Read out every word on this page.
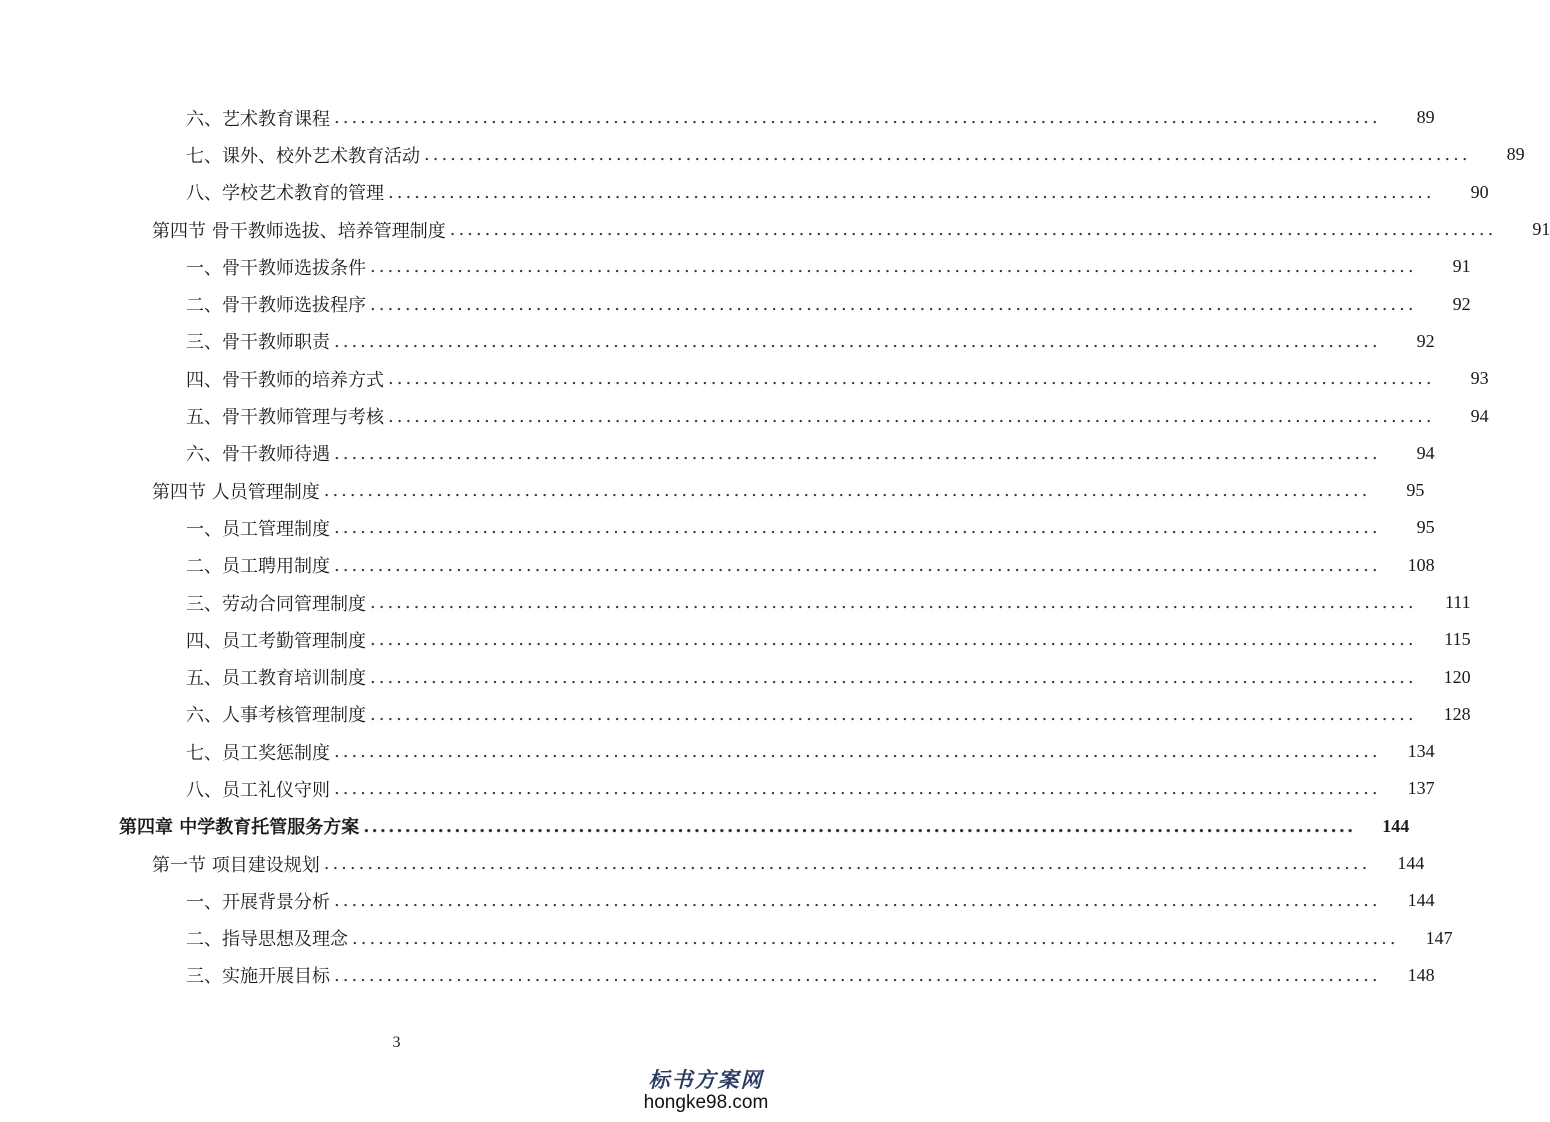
六、艺术教育课程 ........................................................................................................................	89
七、课外、校外艺术教育活动 ........................................................................................................................	89
八、学校艺术教育的管理 ........................................................................................................................	90
第四节 骨干教师选拔、培养管理制度 ........................................................................................................................	91
一、骨干教师选拔条件 ........................................................................................................................	91
二、骨干教师选拔程序 ........................................................................................................................	92
三、骨干教师职责 ........................................................................................................................	92
四、骨干教师的培养方式 ........................................................................................................................	93
五、骨干教师管理与考核 ........................................................................................................................	94
六、骨干教师待遇 ........................................................................................................................	94
第四节 人员管理制度 ........................................................................................................................	95
一、员工管理制度 ........................................................................................................................	95
二、员工聘用制度 ........................................................................................................................	108
三、劳动合同管理制度 ........................................................................................................................	111
四、员工考勤管理制度 ........................................................................................................................	115
五、员工教育培训制度 ........................................................................................................................	120
六、人事考核管理制度 ........................................................................................................................	128
七、员工奖惩制度 ........................................................................................................................	134
八、员工礼仪守则 ........................................................................................................................	137
第四章 中学教育托管服务方案 ........................................................................................................................	144
第一节 项目建设规划 ........................................................................................................................	144
一、开展背景分析 ........................................................................................................................	144
二、指导思想及理念 ........................................................................................................................	147
三、实施开展目标 ........................................................................................................................	148
3
标书方案网
hongke98.com
